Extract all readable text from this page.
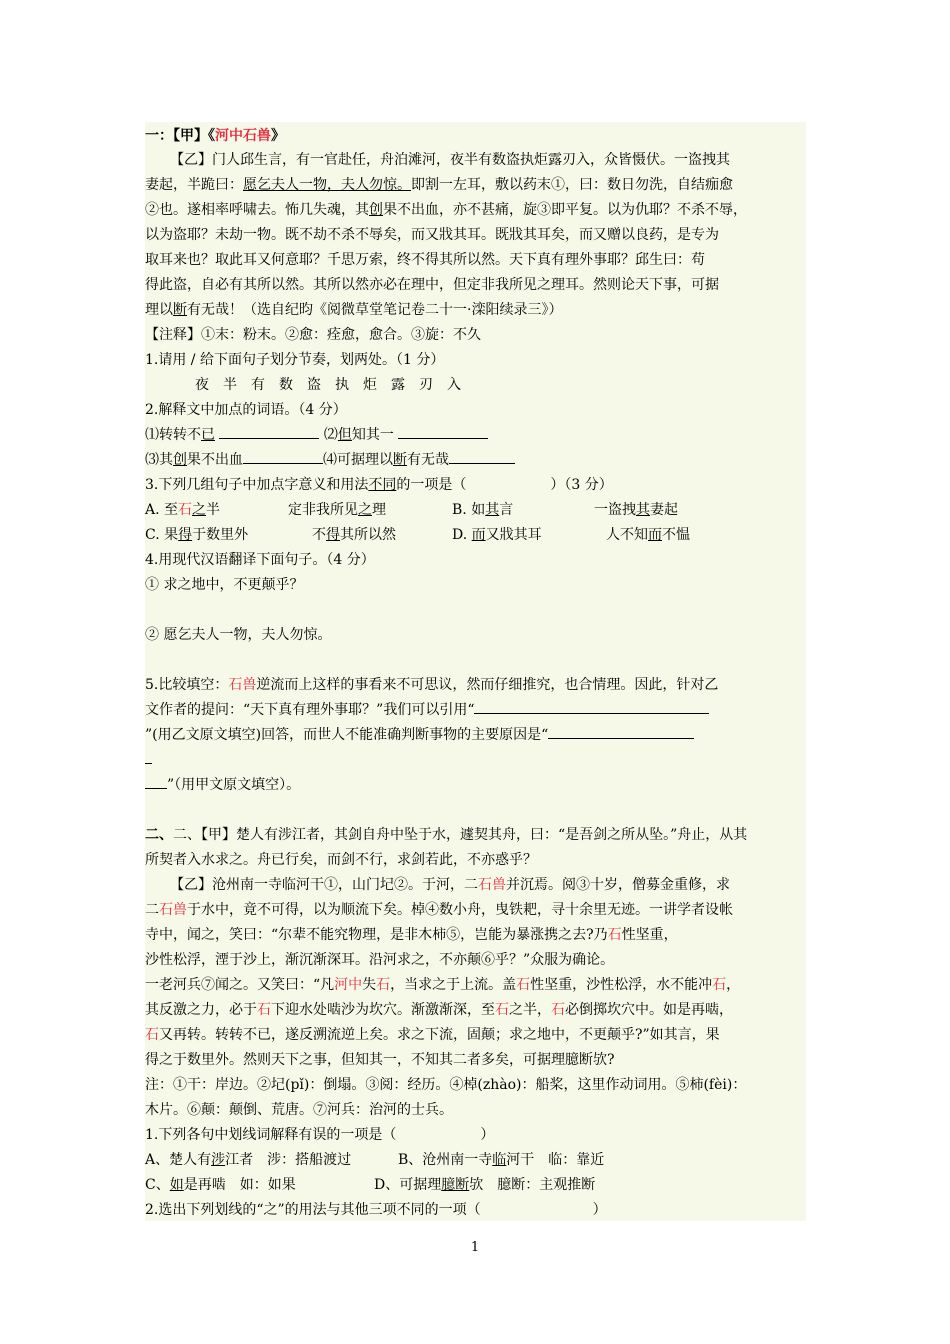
一：【甲】《河中石兽》
【乙】门人邱生言，有一官赴任，舟泊滩河，夜半有数盗执炬露刃入，众皆慑伏。一盗拽其
妻起，半跪曰：愿乞夫人一物，夫人勿惊。即割一左耳，敷以药末①，曰：数日勿洗，自结痂愈
②也。遂相率呼啸去。怖几失魂，其创果不出血，亦不甚痛，旋③即平复。以为仇耶？不杀不辱，
以为盗耶？未劫一物。既不劫不杀不辱矣，而又戕其耳。既戕其耳矣，而又赠以良药，是专为
取耳来也？取此耳又何意耶？千思万索，终不得其所以然。天下真有理外事耶？邱生曰：苟
得此盗，自必有其所以然。其所以然亦必在理中，但定非我所见之理耳。然则论天下事，可据
理以断有无哉！（选自纪昀《阅微草堂笔记卷二十一·滦阳续录三》）
【注释】①末：粉末。②愈：痊愈，愈合。③旋：不久
1.请用 / 给下面句子划分节奏，划两处。（1 分）
夜半有数盗执炬露刃入
2.解释文中加点的词语。（4 分）
⑴转转不已	⑵但知其一
⑶其创果不出血	⑷可据理以断有无哉
3.下列几组句子中加点字意义和用法不同的一项是（　　　　　　）（3 分）
A. 至石之半	定非我所见之理	B. 如其言	一盗拽其妻起
C. 果得于数里外	不得其所以然	D. 而又戕其耳	人不知而不愠
4.用现代汉语翻译下面句子。（4 分）
① 求之地中，不更颠乎？
② 愿乞夫人一物，夫人勿惊。
5.比较填空：石兽逆流而上这样的事看来不可思议，然而仔细推究，也合情理。因此，针对乙
文作者的提问：“天下真有理外事耶？”我们可以引用“
”(用乙文原文填空)回答，而世人不能准确判断事物的主要原因是“
”（用甲文原文填空）。
二、二、【甲】楚人有涉江者，其剑自舟中坠于水，遽契其舟，曰：“是吾剑之所从坠。”舟止，从其
所契者入水求之。舟已行矣，而剑不行，求剑若此，不亦惑乎？
【乙】沧州南一寺临河干①，山门圮②。于河，二石兽并沉焉。阅③十岁，僧募金重修，求
二石兽于水中，竟不可得，以为顺流下矣。棹④数小舟，曳铁耙，寻十余里无迹。一讲学者设帐
寺中，闻之，笑曰：“尔辈不能究物理，是非木柿⑤，岂能为暴涨携之去?乃石性坚重，
沙性松浮，湮于沙上，渐沉渐深耳。沿河求之，不亦颠⑥乎？”众服为确论。
一老河兵⑦闻之。又笑曰：“凡河中失石，当求之于上流。盖石性坚重，沙性松浮，水不能冲石，
其反激之力，必于石下迎水处啮沙为坎穴。渐激渐深，至石之半，石必倒掷坎穴中。如是再啮，
石又再转。转转不已，遂反溯流逆上矣。求之下流，固颠；求之地中，不更颠乎?”如其言，果
得之于数里外。然则天下之事，但知其一，不知其二者多矣，可据理臆断欤?
注：①干：岸边。②圮(pǐ)：倒塌。③阅：经历。④棹(zhào)：船桨，这里作动词用。⑤柿(fèi)：
木片。⑥颠：颠倒、荒唐。⑦河兵：治河的士兵。
1.下列各句中划线词解释有误的一项是（　　　　　　）
A、楚人有涉江者　涉：搭船渡过	B、沧州南一寺临河干　临：靠近
C、如是再啮　如：如果	D、可据理臆断欤　臆断：主观推断
2.选出下列划线的“之”的用法与其他三项不同的一项（　　　　　　　　）
1
